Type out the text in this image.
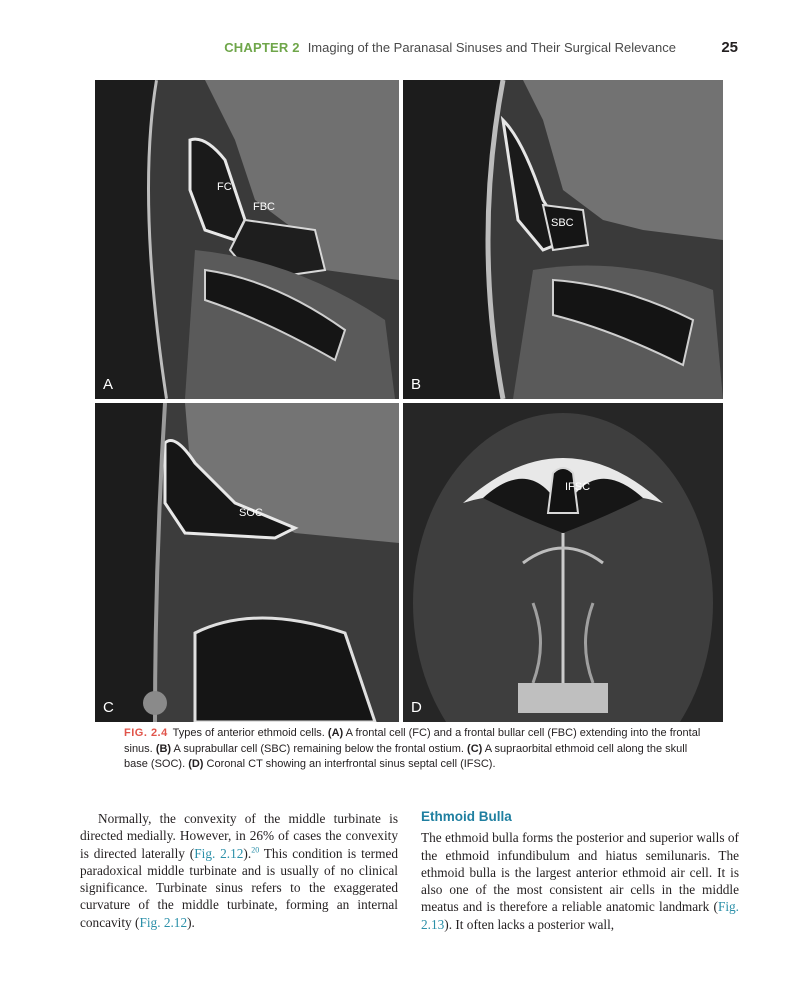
CHAPTER 2 Imaging of the Paranasal Sinuses and Their Surgical Relevance	25
FC
FBC
A
SBC
B
SOC
C
IFSC
D
FIG. 2.4 Types of anterior ethmoid cells. (A) A frontal cell (FC) and a frontal bullar cell (FBC) extending into the frontal sinus. (B) A suprabullar cell (SBC) remaining below the frontal ostium. (C) A supraorbital ethmoid cell along the skull base (SOC). (D) Coronal CT showing an interfrontal sinus septal cell (IFSC).

Normally, the convexity of the middle turbinate is directed medially. However, in 26% of cases the convexity is directed laterally (Fig. 2.12).$^{20}$ This condition is termed paradoxical middle turbinate and is usually of no clinical significance. Turbinate sinus refers to the exaggerated curvature of the middle turbinate, forming an internal concavity (Fig. 2.12).

Ethmoid Bulla

The ethmoid bulla forms the posterior and superior walls of the ethmoid infundibulum and hiatus semilunaris. The ethmoid bulla is the largest anterior ethmoid air cell. It is also one of the most consistent air cells in the middle meatus and is therefore a reliable anatomic landmark (Fig. 2.13). It often lacks a posterior wall,
